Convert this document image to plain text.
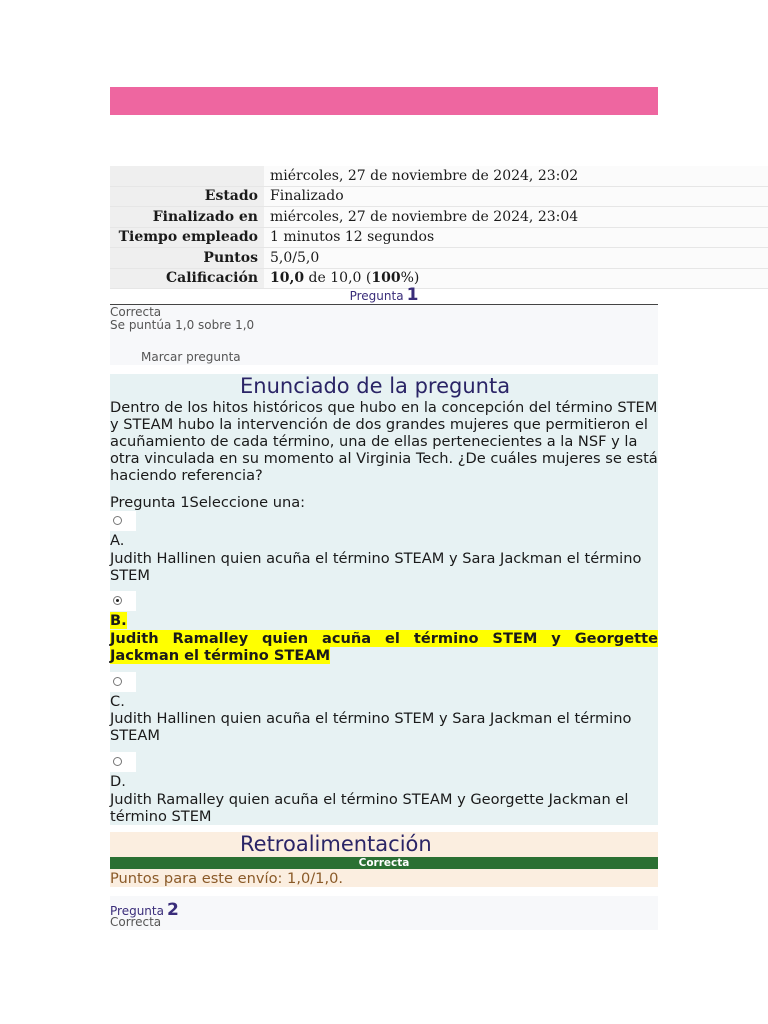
	miércoles, 27 de noviembre de 2024, 23:02
Estado	Finalizado
Finalizado en	miércoles, 27 de noviembre de 2024, 23:04
Tiempo empleado	1 minutos 12 segundos
Puntos	5,0/5,0
Calificación	10,0 de 10,0 (100%)
Pregunta 1
Correcta
Se puntúa 1,0 sobre 1,0
Marcar pregunta
Enunciado de la pregunta

Dentro de los hitos históricos que hubo en la concepción del término STEM y STEAM hubo la intervención de dos grandes mujeres que permitieron el acuñamiento de cada término, una de ellas pertenecientes a la NSF y la otra vinculada en su momento al Virginia Tech. ¿De cuáles mujeres se está haciendo referencia?

Pregunta 1Seleccione una:
A.
Judith Hallinen quien acuña el término STEAM y Sara Jackman el término STEM
B.
Judith Ramalley quien acuña el término STEM y Georgette Jackman el término STEAM
C.
Judith Hallinen quien acuña el término STEM y Sara Jackman el término STEAM
D.
Judith Ramalley quien acuña el término STEAM y Georgette Jackman el término STEM
Retroalimentación
Correcta
Puntos para este envío: 1,0/1,0.
Pregunta 2
Correcta
